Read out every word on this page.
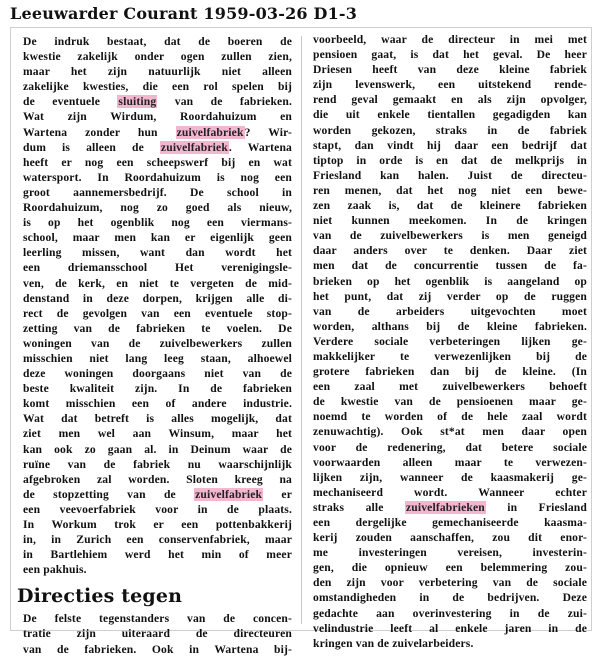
Leeuwarder Courant 1959-03-26 D1-3
De indruk bestaat, dat de boeren de
kwestie zakelijk onder ogen zullen zien,
maar het zijn natuurlijk niet alleen
zakelijke kwesties, die een rol spelen bij
de eventuele sluiting van de fabrieken.
Wat zijn Wirdum, Roordahuizum en
Wartena zonder hun zuivelfabriek? Wir-
dum is alleen de zuivelfabriek. Wartena
heeft er nog een scheepswerf bij en wat
watersport. In Roordahuizum is nog een
groot aannemersbedrijf. De school in
Roordahuizum, nog zo goed als nieuw,
is op het ogenblik nog een viermans-
school, maar men kan er eigenlijk geen
leerling missen, want dan wordt het
een driemansschool Het verenigingsle-
ven, de kerk, en niet te vergeten de mid-
denstand in deze dorpen, krijgen alle di-
rect de gevolgen van een eventuele stop-
zetting van de fabrieken te voelen. De
woningen van de zuivelbewerkers zullen
misschien niet lang leeg staan, alhoewel
deze woningen doorgaans niet van de
beste kwaliteit zijn. In de fabrieken
komt misschien een of andere industrie.
Wat dat betreft is alles mogelijk, dat
ziet men wel aan Winsum, maar het
kan ook zo gaan al. in Deinum waar de
ruïne van de fabriek nu waarschijnlijk
afgebroken zal worden. Sloten kreeg na
de stopzetting van de zuivelfabriek er
een veevoerfabriek voor in de plaats.
In Workum trok er een pottenbakkerij
in, in Zurich een conservenfabriek, maar
in Bartlehiem werd het min of meer
een pakhuis.
Directies tegen
De felste tegenstanders van de concen-
tratie zijn uiteraard de directeuren
van de fabrieken. Ook in Wartena bij-
voorbeeld, waar de directeur in mei met
pensioen gaat, is dat het geval. De heer
Driesen heeft van deze kleine fabriek
zijn levenswerk, een uitstekend rende-
rend geval gemaakt en als zijn opvolger,
die uit enkele tientallen gegadigden kan
worden gekozen, straks in de fabriek
stapt, dan vindt hij daar een bedrijf dat
tiptop in orde is en dat de melkprijs in
Friesland kan halen. Juist de directeu-
ren menen, dat het nog niet een bewe-
zen zaak is, dat de kleinere fabrieken
niet kunnen meekomen. In de kringen
van de zuivelbewerkers is men geneigd
daar anders over te denken. Daar ziet
men dat de concurrentie tussen de fa-
brieken op het ogenblik is aangeland op
het punt, dat zij verder op de ruggen
van de arbeiders uitgevochten moet
worden, althans bij de kleine fabrieken.
Verdere sociale verbeteringen lijken ge-
makkelijker te verwezenlijken bij de
grotere fabrieken dan bij de kleine. (In
een zaal met zuivelbewerkers behoeft
de kwestie van de pensioenen maar ge-
noemd te worden of de hele zaal wordt
zenuwachtig). Ook st*at men daar open
voor de redenering, dat betere sociale
voorwaarden alleen maar te verwezen-
lijken zijn, wanneer de kaasmakerij ge-
mechaniseerd wordt. Wanneer echter
straks alle zuivelfabrieken in Friesland
een dergelijke gemechaniseerde kaasma-
kerij zouden aanschaffen, zou dit enor-
me investeringen vereisen, investerin-
gen, die opnieuw een belemmering zou-
den zijn voor verbetering van de sociale
omstandigheden in de bedrijven. Deze
gedachte aan overinvestering in de zui-
velindustrie leeft al enkele jaren in de
kringen van de zuivelarbeiders.
